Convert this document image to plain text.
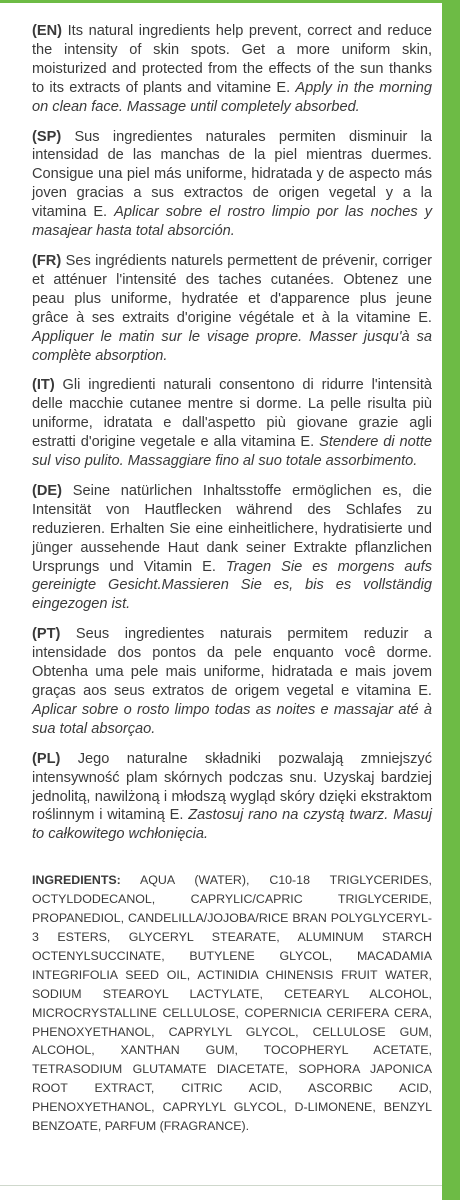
(EN) Its natural ingredients help prevent, correct and reduce the intensity of skin spots. Get a more uniform skin, moisturized and protected from the effects of the sun thanks to its extracts of plants and vitamine E. Apply in the morning on clean face. Massage until completely absorbed.

(SP) Sus ingredientes naturales permiten disminuir la intensidad de las manchas de la piel mientras duermes. Consigue una piel más uniforme, hidratada y de aspecto más joven gracias a sus extractos de origen vegetal y a la vitamina E. Aplicar sobre el rostro limpio por las noches y masajear hasta total absorción.

(FR) Ses ingrédients naturels permettent de prévenir, corriger et atténuer l'intensité des taches cutanées. Obtenez une peau plus uniforme, hydratée et d'apparence plus jeune grâce à ses extraits d'origine végétale et à la vitamine E. Appliquer le matin sur le visage propre. Masser jusqu'à sa complète absorption.

(IT) Gli ingredienti naturali consentono di ridurre l'intensità delle macchie cutanee mentre si dorme. La pelle risulta più uniforme, idratata e dall'aspetto più giovane grazie agli estratti d'origine vegetale e alla vitamina E. Stendere di notte sul viso pulito. Massaggiare fino al suo totale assorbimento.

(DE) Seine natürlichen Inhaltsstoffe ermöglichen es, die Intensität von Hautflecken während des Schlafes zu reduzieren. Erhalten Sie eine einheitlichere, hydratisierte und jünger aussehende Haut dank seiner Extrakte pflanzlichen Ursprungs und Vitamin E. Tragen Sie es morgens aufs gereinigte Gesicht.Massieren Sie es, bis es vollständig eingezogen ist.

(PT) Seus ingredientes naturais permitem reduzir a intensidade dos pontos da pele enquanto você dorme. Obtenha uma pele mais uniforme, hidratada e mais jovem graças aos seus extratos de origem vegetal e vitamina E. Aplicar sobre o rosto limpo todas as noites e massajar até à sua total absorçao.

(PL) Jego naturalne składniki pozwalają zmniejszyć intensywność plam skórnych podczas snu. Uzyskaj bardziej jednolitą, nawilżoną i młodszą wygląd skóry dzięki ekstraktom roślinnym i witaminą E. Zastosuj rano na czystą twarz. Masuj to całkowitego wchłonięcia.

INGREDIENTS: AQUA (WATER), C10-18 TRIGLYCERIDES, OCTYLDODECANOL, CAPRYLIC/CAPRIC TRIGLYCERIDE, PROPANEDIOL, CANDELILLA/JOJOBA/RICE BRAN POLYGLYCERYL-3 ESTERS, GLYCERYL STEARATE, ALUMINUM STARCH OCTENYLSUCCINATE, BUTYLENE GLYCOL, MACADAMIA INTEGRIFOLIA SEED OIL, ACTINIDIA CHINENSIS FRUIT WATER, SODIUM STEAROYL LACTYLATE, CETEARYL ALCOHOL, MICROCRYSTALLINE CELLULOSE, COPERNICIA CERIFERA CERA, PHENOXYETHANOL, CAPRYLYL GLYCOL, CELLULOSE GUM, ALCOHOL, XANTHAN GUM, TOCOPHERYL ACETATE, TETRASODIUM GLUTAMATE DIACETATE, SOPHORA JAPONICA ROOT EXTRACT, CITRIC ACID, ASCORBIC ACID, PHENOXYETHANOL, CAPRYLYL GLYCOL, D-LIMONENE, BENZYL BENZOATE, PARFUM (FRAGRANCE).
